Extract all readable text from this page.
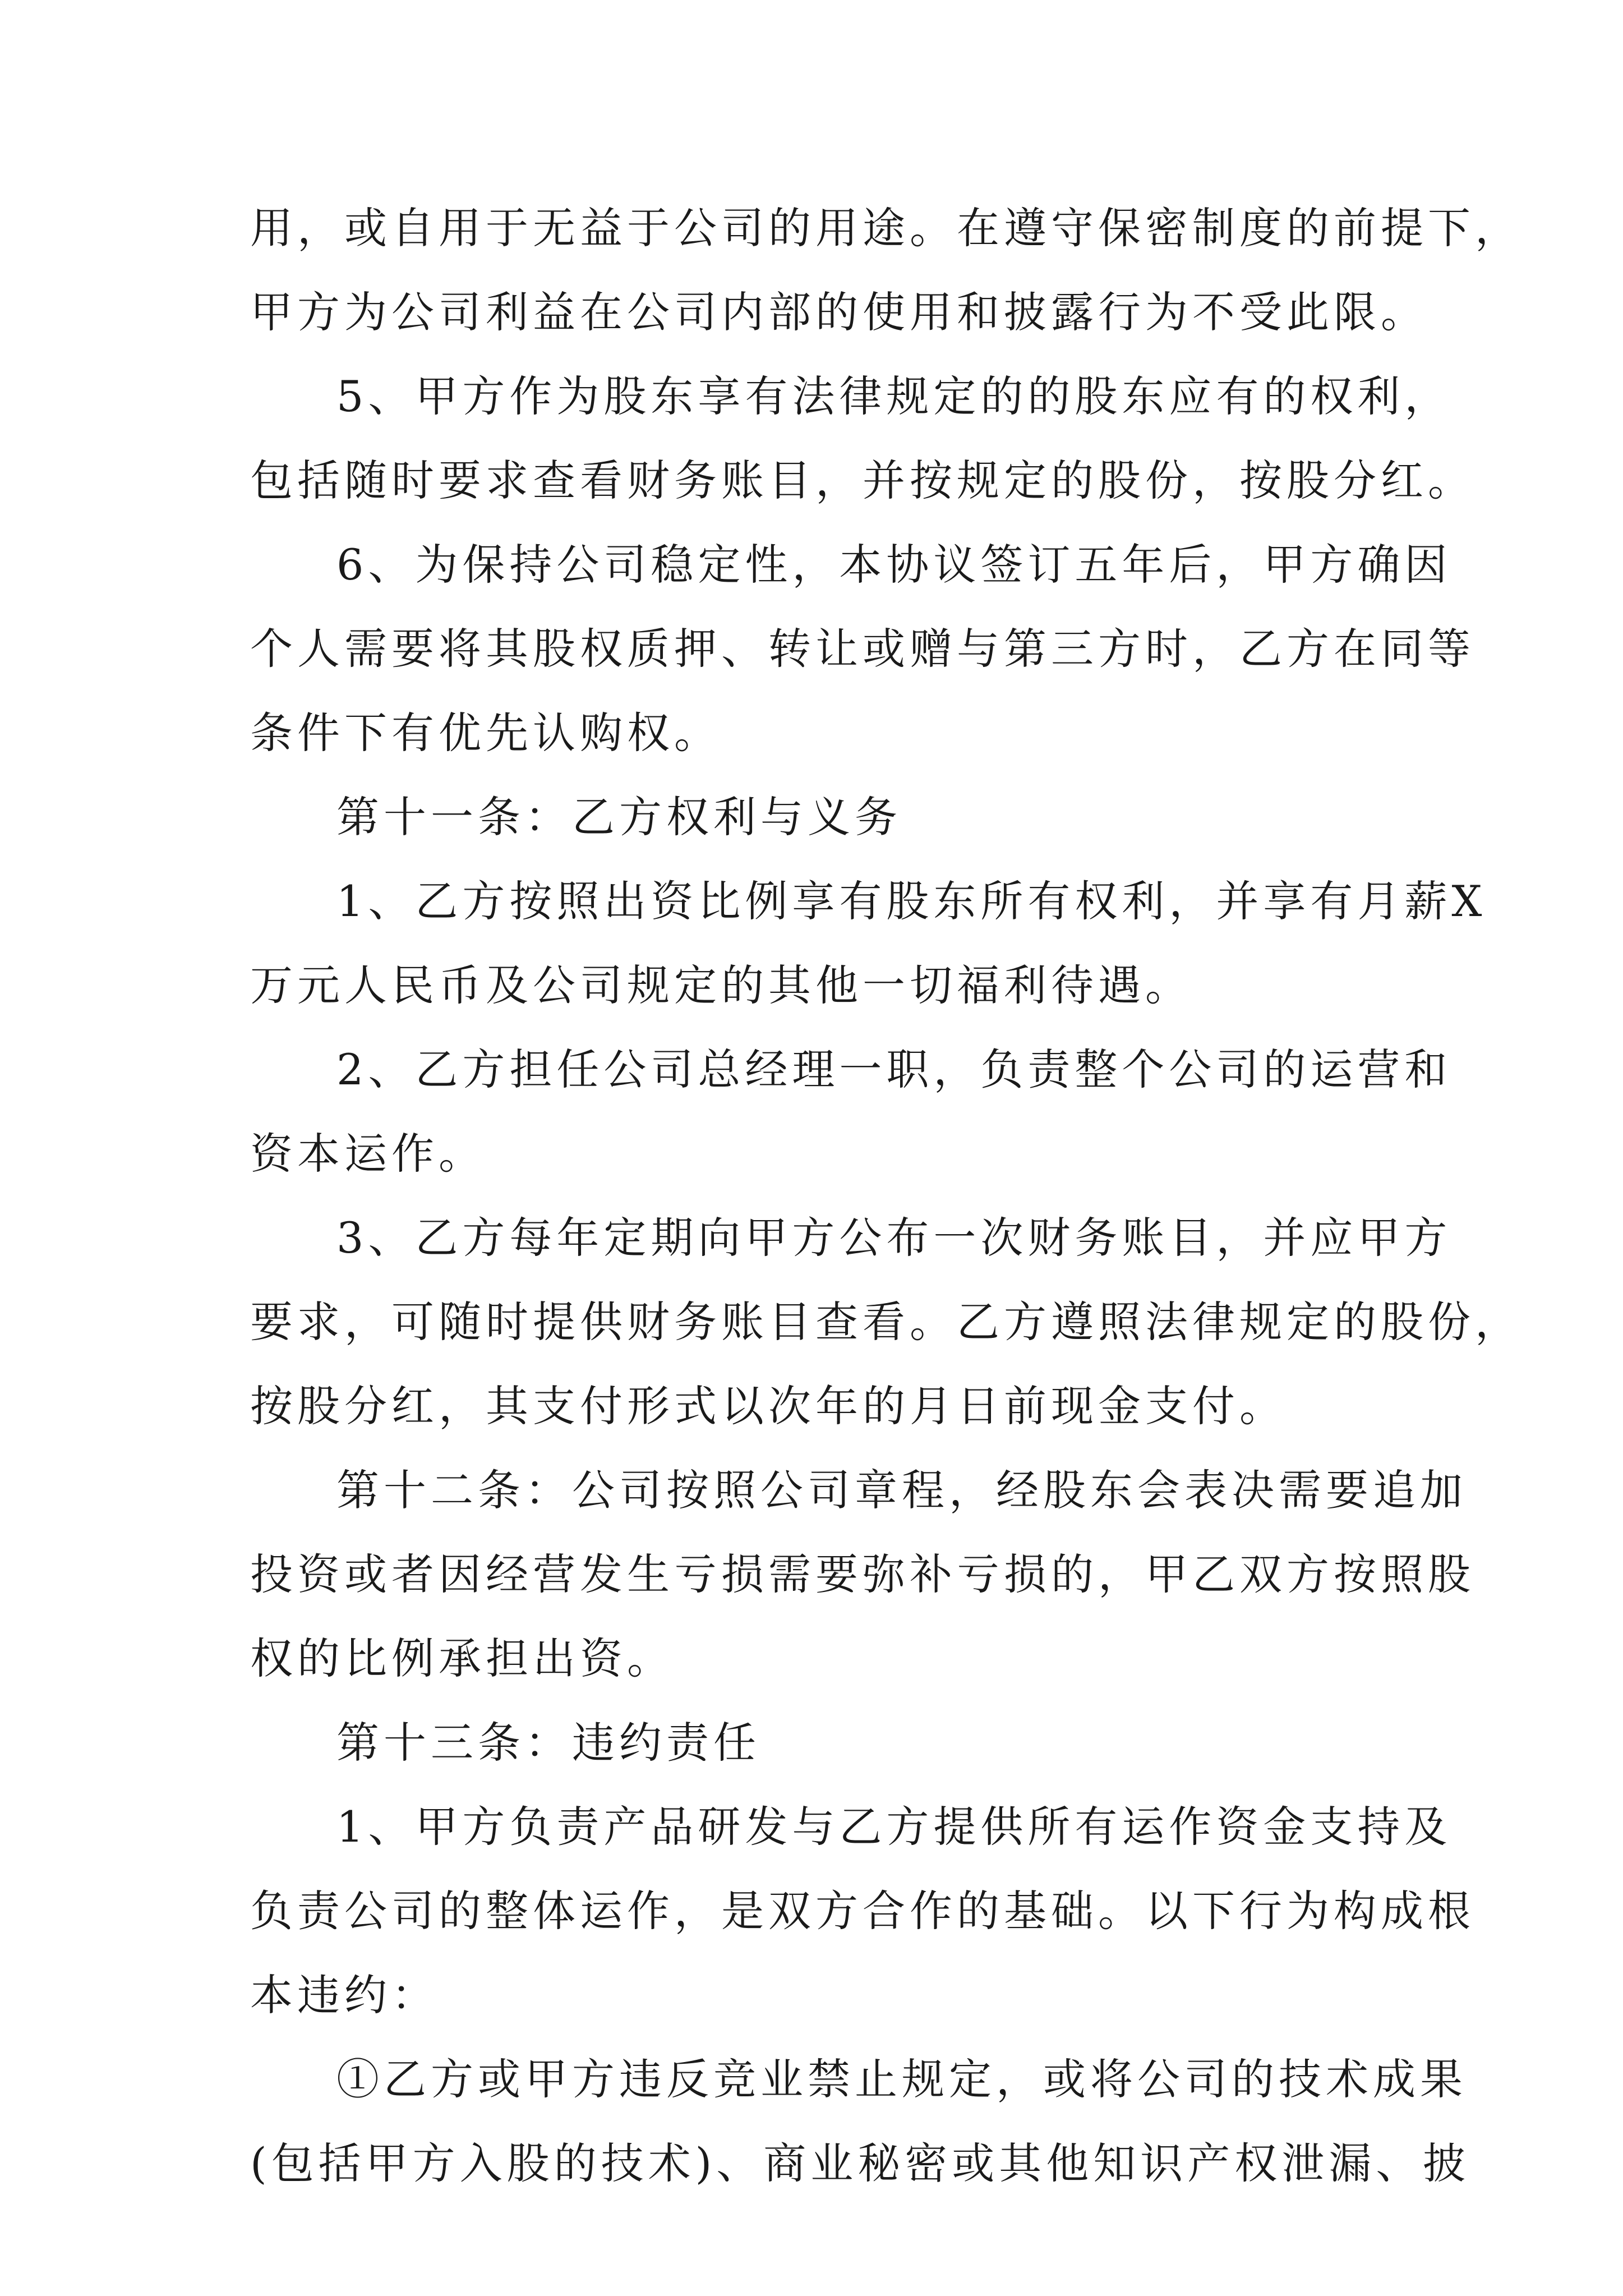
用，或自用于无益于公司的用途。在遵守保密制度的前提下，
甲方为公司利益在公司内部的使用和披露行为不受此限。
5、甲方作为股东享有法律规定的的股东应有的权利，
包括随时要求查看财务账目，并按规定的股份，按股分红。
6、为保持公司稳定性，本协议签订五年后，甲方确因
个人需要将其股权质押、转让或赠与第三方时，乙方在同等
条件下有优先认购权。
第十一条：乙方权利与义务
1、乙方按照出资比例享有股东所有权利，并享有月薪X
万元人民币及公司规定的其他一切福利待遇。
2、乙方担任公司总经理一职，负责整个公司的运营和
资本运作。
3、乙方每年定期向甲方公布一次财务账目，并应甲方
要求，可随时提供财务账目查看。乙方遵照法律规定的股份，
按股分红，其支付形式以次年的月日前现金支付。
第十二条：公司按照公司章程，经股东会表决需要追加
投资或者因经营发生亏损需要弥补亏损的，甲乙双方按照股
权的比例承担出资。
第十三条：违约责任
1、甲方负责产品研发与乙方提供所有运作资金支持及
负责公司的整体运作，是双方合作的基础。以下行为构成根
本违约：
①乙方或甲方违反竞业禁止规定，或将公司的技术成果
(包括甲方入股的技术)、商业秘密或其他知识产权泄漏、披
